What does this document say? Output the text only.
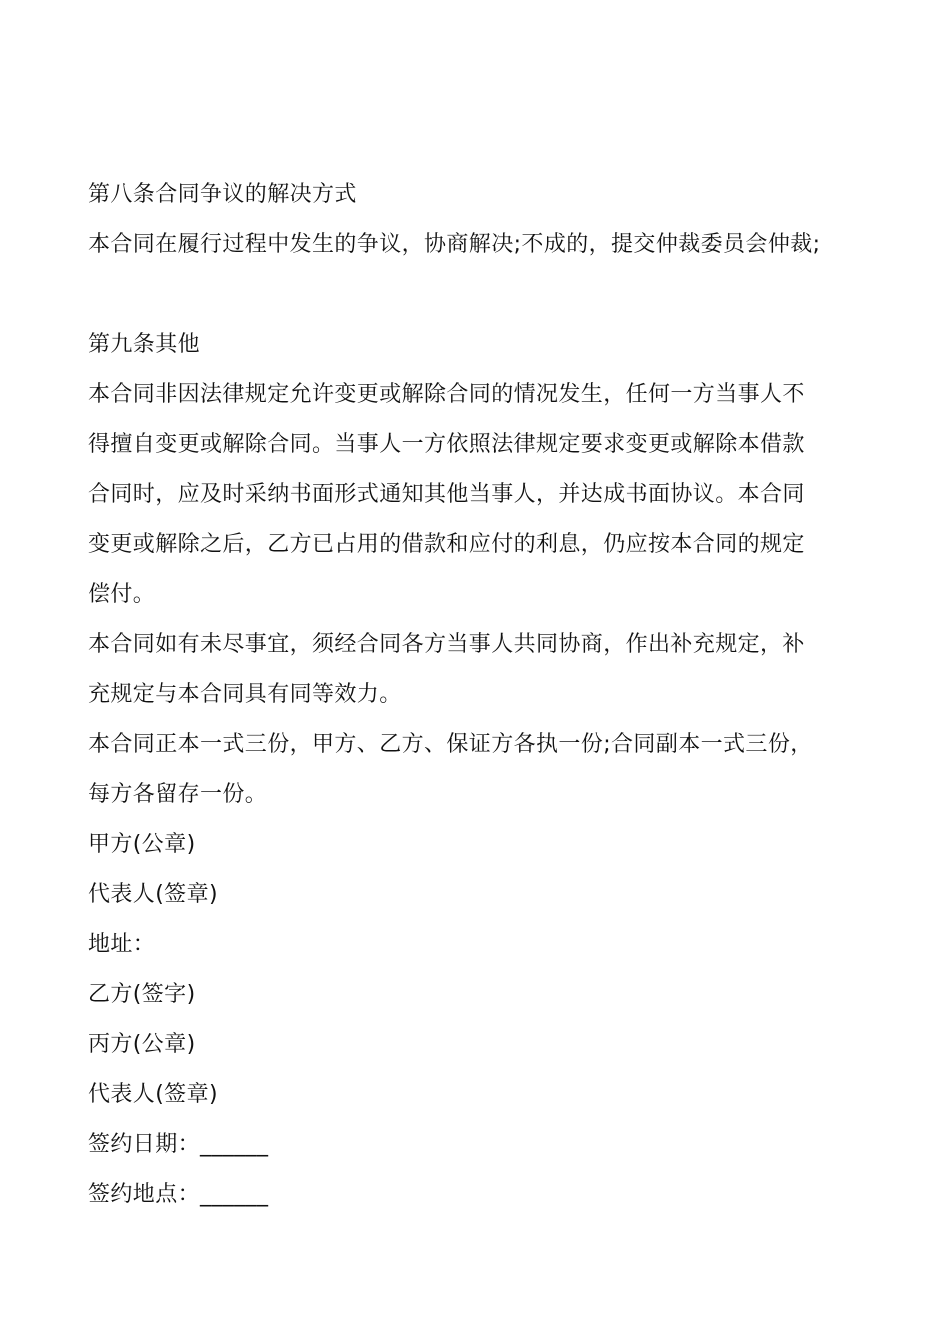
第八条合同争议的解决方式
本合同在履行过程中发生的争议，协商解决;不成的，提交仲裁委员会仲裁;
第九条其他
本合同非因法律规定允许变更或解除合同的情况发生，任何一方当事人不
得擅自变更或解除合同。当事人一方依照法律规定要求变更或解除本借款
合同时，应及时采纳书面形式通知其他当事人，并达成书面协议。本合同
变更或解除之后，乙方已占用的借款和应付的利息，仍应按本合同的规定
偿付。
本合同如有未尽事宜，须经合同各方当事人共同协商，作出补充规定，补
充规定与本合同具有同等效力。
本合同正本一式三份，甲方、乙方、保证方各执一份;合同副本一式三份，
每方各留存一份。
甲方(公章)
代表人(签章)
地址：
乙方(签字)
丙方(公章)
代表人(签章)
签约日期：______
签约地点：______
